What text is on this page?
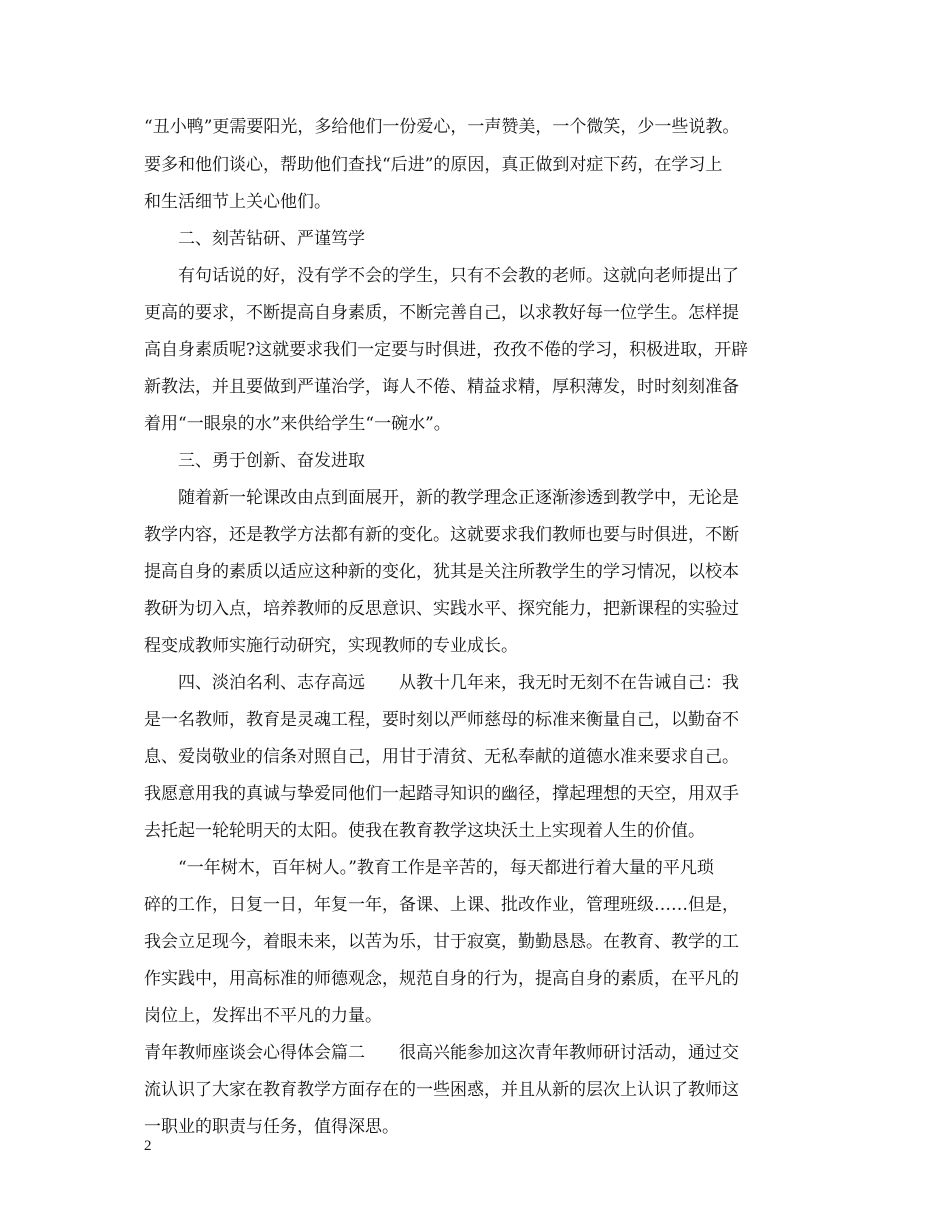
“丑小鸭”更需要阳光，多给他们一份爱心，一声赞美，一个微笑，少一些说教。
要多和他们谈心，帮助他们查找“后进”的原因，真正做到对症下药，在学习上
和生活细节上关心他们。
二、刻苦钻研、严谨笃学
有句话说的好，没有学不会的学生，只有不会教的老师。这就向老师提出了
更高的要求，不断提高自身素质，不断完善自己，以求教好每一位学生。怎样提
高自身素质呢?这就要求我们一定要与时俱进，孜孜不倦的学习，积极进取，开辟
新教法，并且要做到严谨治学，诲人不倦、精益求精，厚积薄发，时时刻刻准备
着用“一眼泉的水”来供给学生“一碗水”。
三、勇于创新、奋发进取
随着新一轮课改由点到面展开，新的教学理念正逐渐渗透到教学中，无论是
教学内容，还是教学方法都有新的变化。这就要求我们教师也要与时俱进，不断
提高自身的素质以适应这种新的变化，犹其是关注所教学生的学习情况，以校本
教研为切入点，培养教师的反思意识、实践水平、探究能力，把新课程的实验过
程变成教师实施行动研究，实现教师的专业成长。
四、淡泊名利、志存高远　　从教十几年来，我无时无刻不在告诫自己：我
是一名教师，教育是灵魂工程，要时刻以严师慈母的标准来衡量自己，以勤奋不
息、爱岗敬业的信条对照自己，用甘于清贫、无私奉献的道德水准来要求自己。
我愿意用我的真诚与挚爱同他们一起踏寻知识的幽径，撑起理想的天空，用双手
去托起一轮轮明天的太阳。使我在教育教学这块沃土上实现着人生的价值。
“一年树木，百年树人。”教育工作是辛苦的，每天都进行着大量的平凡琐
碎的工作，日复一日，年复一年，备课、上课、批改作业，管理班级……但是，
我会立足现今，着眼未来，以苦为乐，甘于寂寞，勤勤恳恳。在教育、教学的工
作实践中，用高标准的师德观念，规范自身的行为，提高自身的素质，在平凡的
岗位上，发挥出不平凡的力量。
青年教师座谈会心得体会篇二　　很高兴能参加这次青年教师研讨活动，通过交
流认识了大家在教育教学方面存在的一些困惑，并且从新的层次上认识了教师这
一职业的职责与任务，值得深思。
2
